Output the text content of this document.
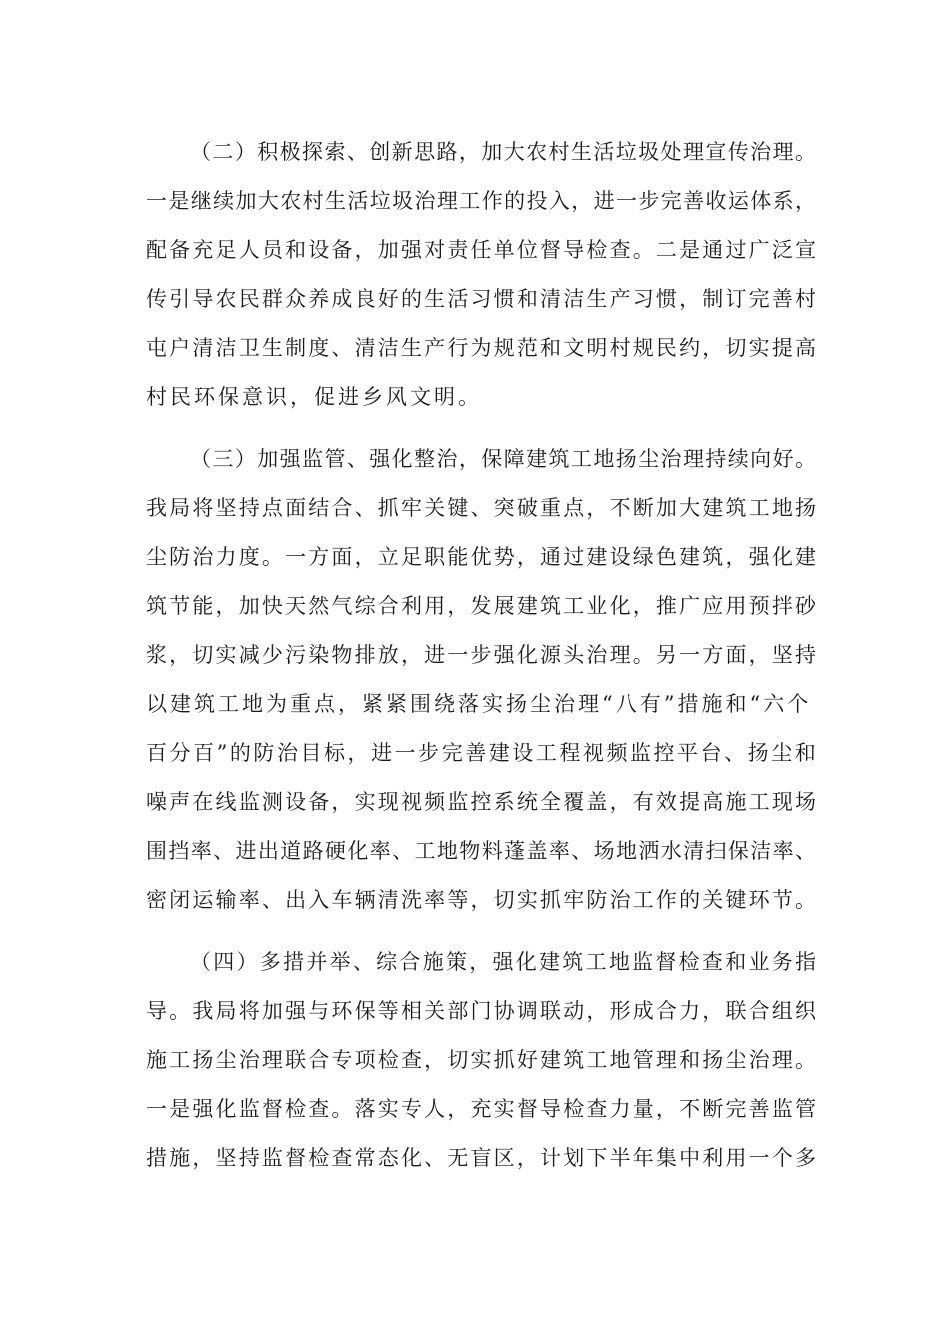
（二）积极探索、创新思路，加大农村生活垃圾处理宣传治理。
一是继续加大农村生活垃圾治理工作的投入，进一步完善收运体系，
配备充足人员和设备，加强对责任单位督导检查。二是通过广泛宣
传引导农民群众养成良好的生活习惯和清洁生产习惯，制订完善村
屯户清洁卫生制度、清洁生产行为规范和文明村规民约，切实提高
村民环保意识，促进乡风文明。
（三）加强监管、强化整治，保障建筑工地扬尘治理持续向好。
我局将坚持点面结合、抓牢关键、突破重点，不断加大建筑工地扬
尘防治力度。一方面，立足职能优势，通过建设绿色建筑，强化建
筑节能，加快天然气综合利用，发展建筑工业化，推广应用预拌砂
浆，切实减少污染物排放，进一步强化源头治理。另一方面，坚持
以建筑工地为重点，紧紧围绕落实扬尘治理“八有”措施和“六个
百分百”的防治目标，进一步完善建设工程视频监控平台、扬尘和
噪声在线监测设备，实现视频监控系统全覆盖，有效提高施工现场
围挡率、进出道路硬化率、工地物料蓬盖率、场地洒水清扫保洁率、
密闭运输率、出入车辆清洗率等，切实抓牢防治工作的关键环节。
（四）多措并举、综合施策，强化建筑工地监督检查和业务指
导。我局将加强与环保等相关部门协调联动，形成合力，联合组织
施工扬尘治理联合专项检查，切实抓好建筑工地管理和扬尘治理。
一是强化监督检查。落实专人，充实督导检查力量，不断完善监管
措施，坚持监督检查常态化、无盲区，计划下半年集中利用一个多
